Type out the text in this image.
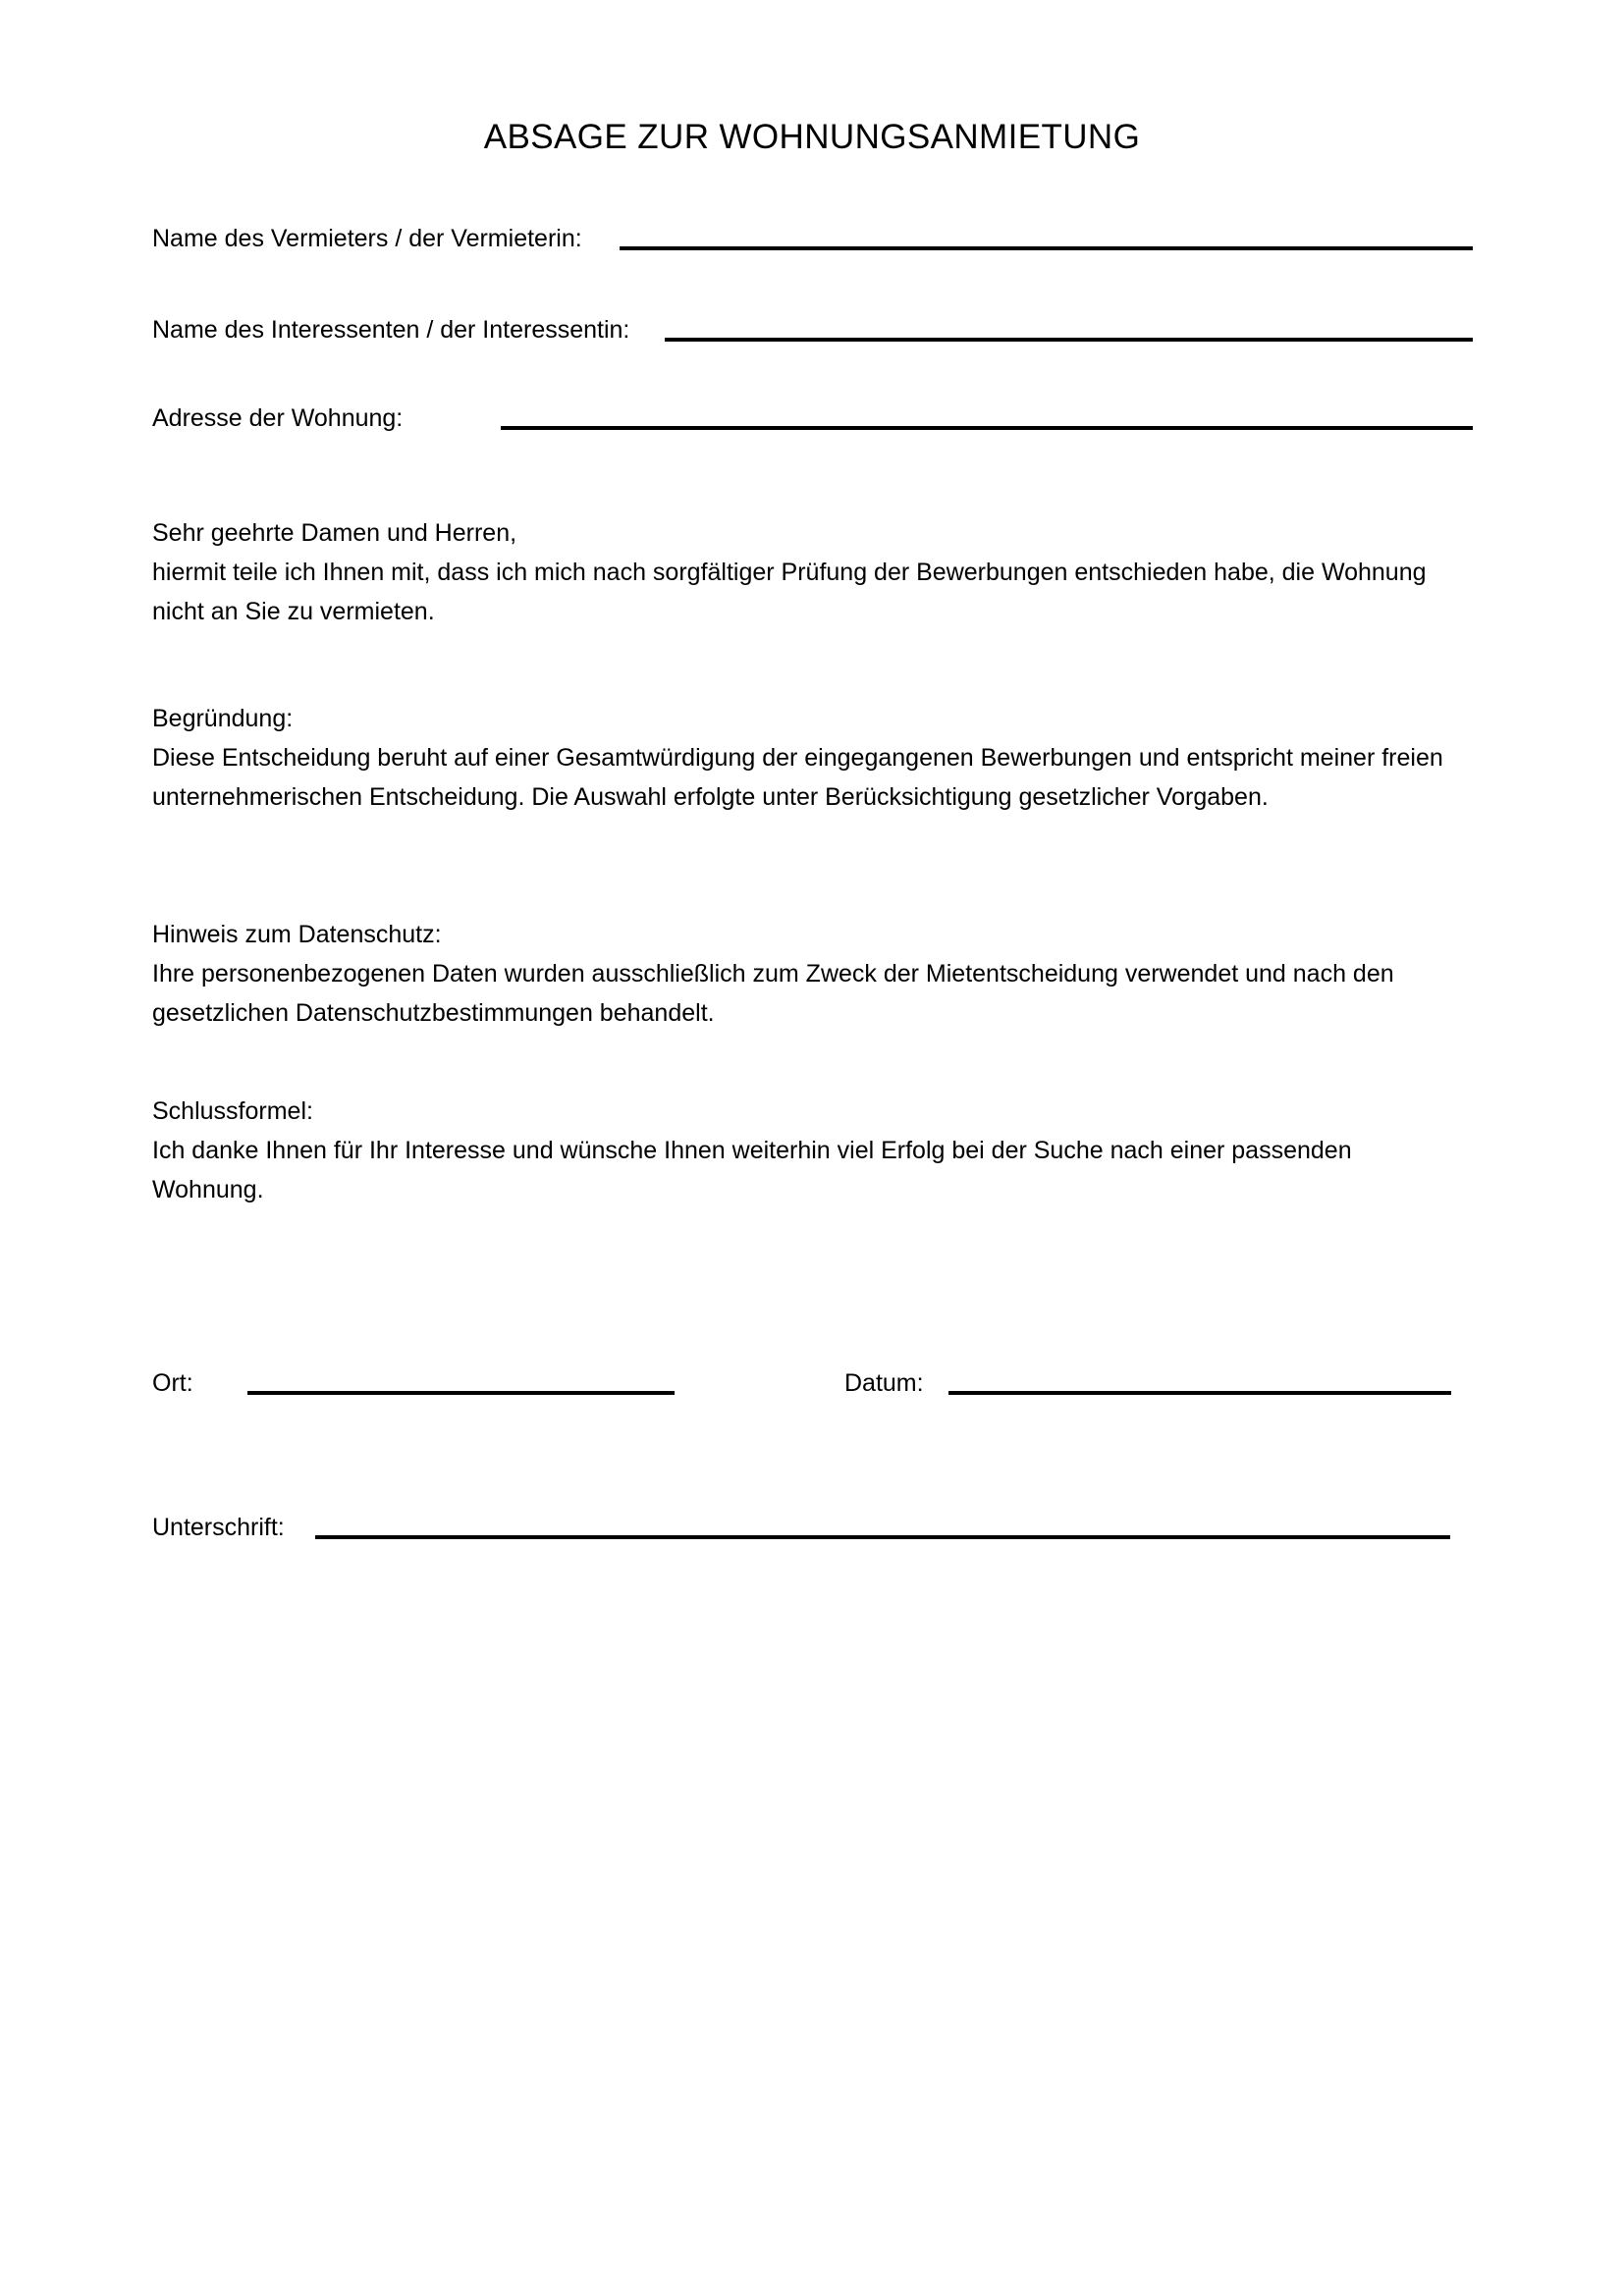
ABSAGE ZUR WOHNUNGSANMIETUNG
Name des Vermieters / der Vermieterin:
Name des Interessenten / der Interessentin:
Adresse der Wohnung:

Sehr geehrte Damen und Herren,

hiermit teile ich Ihnen mit, dass ich mich nach sorgfältiger Prüfung der Bewerbungen entschieden habe, die Wohnung nicht an Sie zu vermieten.

Begründung:

Diese Entscheidung beruht auf einer Gesamtwürdigung der eingegangenen Bewerbungen und entspricht meiner freien unternehmerischen Entscheidung. Die Auswahl erfolgte unter Berücksichtigung gesetzlicher Vorgaben.

Hinweis zum Datenschutz:

Ihre personenbezogenen Daten wurden ausschließlich zum Zweck der Mietentscheidung verwendet und nach den gesetzlichen Datenschutzbestimmungen behandelt.

Schlussformel:

Ich danke Ihnen für Ihr Interesse und wünsche Ihnen weiterhin viel Erfolg bei der Suche nach einer passenden Wohnung.

Ort:	Datum:
Unterschrift:
